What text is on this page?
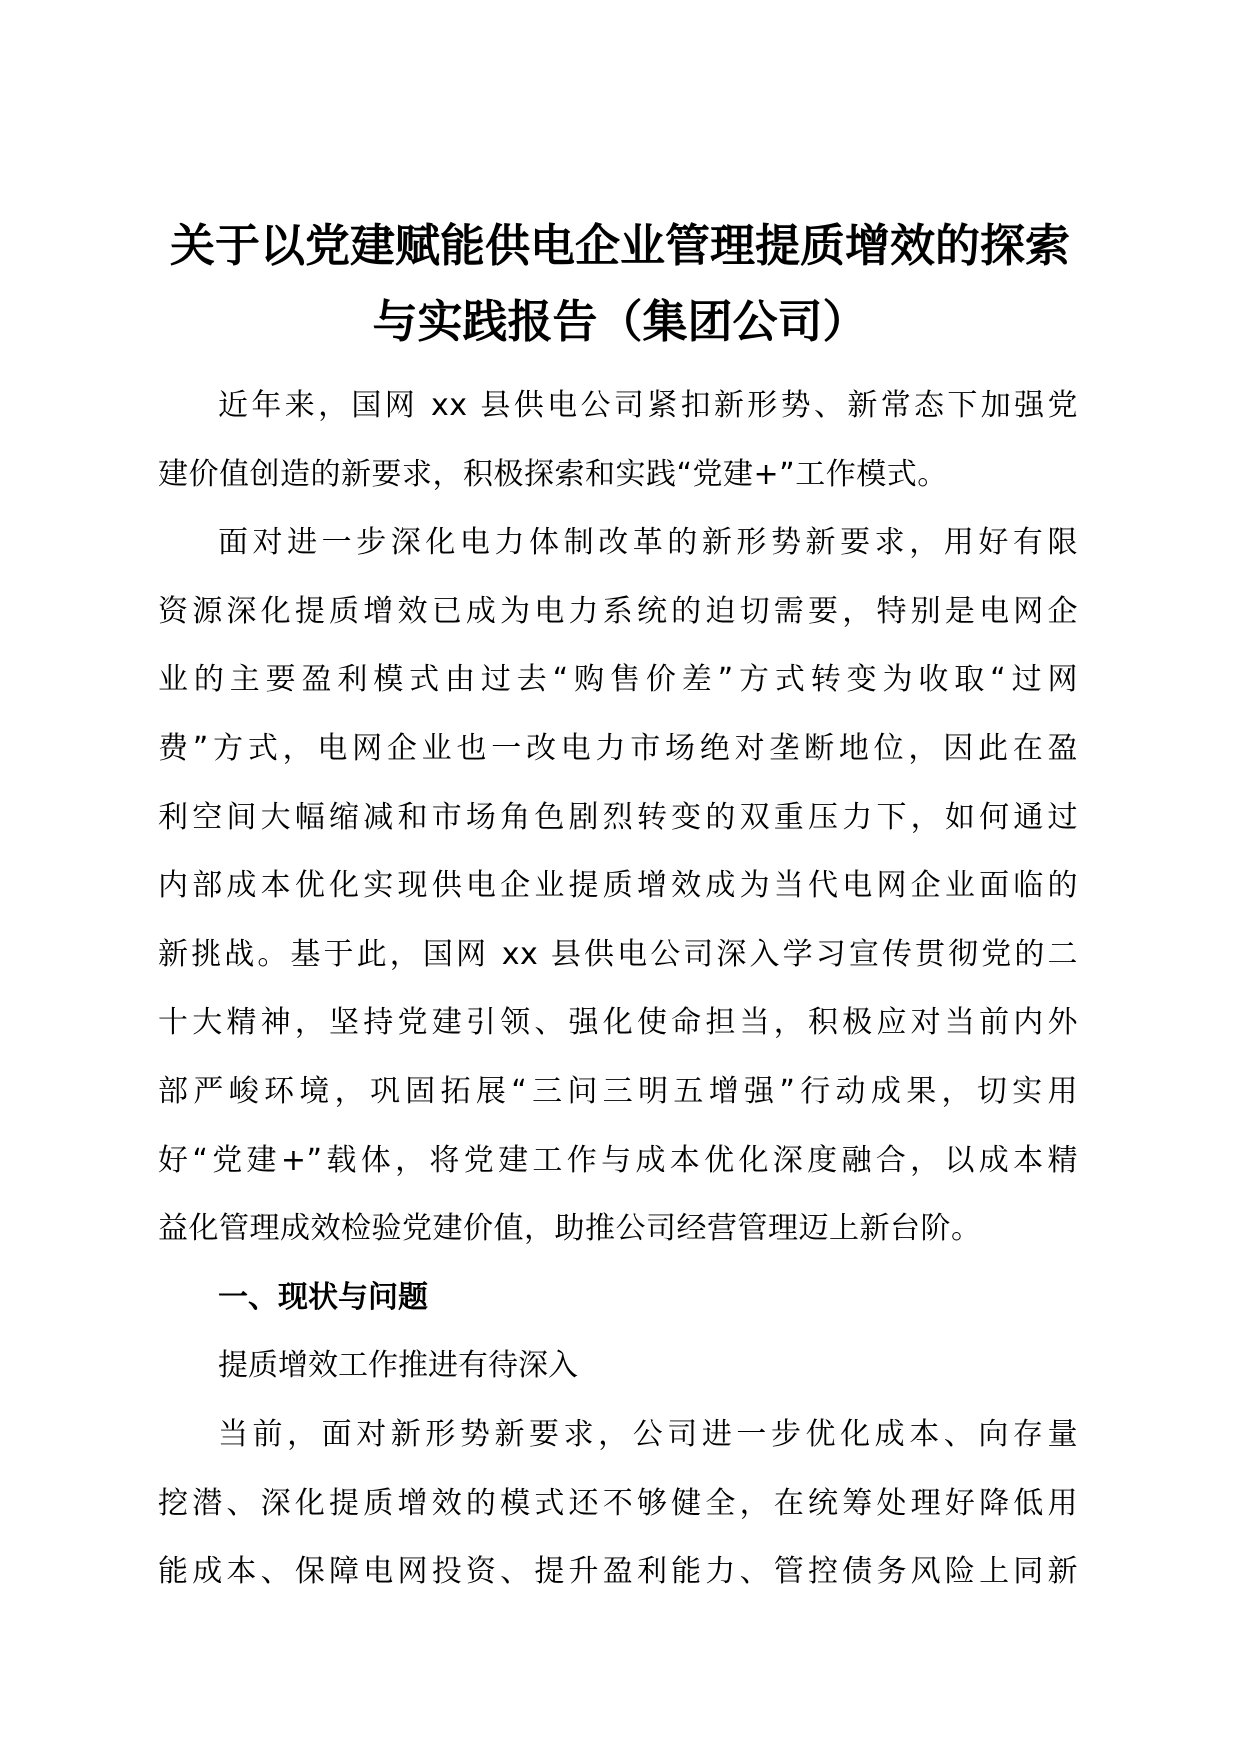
关于以党建赋能供电企业管理提质增效的探索
与实践报告（集团公司）
近年来，国网 xx 县供电公司紧扣新形势、新常态下加强党
建价值创造的新要求，积极探索和实践“党建+”工作模式。
面对进一步深化电力体制改革的新形势新要求，用好有限
资源深化提质增效已成为电力系统的迫切需要，特别是电网企
业的主要盈利模式由过去“购售价差”方式转变为收取“过网
费”方式，电网企业也一改电力市场绝对垄断地位，因此在盈
利空间大幅缩减和市场角色剧烈转变的双重压力下，如何通过
内部成本优化实现供电企业提质增效成为当代电网企业面临的
新挑战。基于此，国网 xx 县供电公司深入学习宣传贯彻党的二
十大精神，坚持党建引领、强化使命担当，积极应对当前内外
部严峻环境，巩固拓展“三问三明五增强”行动成果，切实用
好“党建+”载体，将党建工作与成本优化深度融合，以成本精
益化管理成效检验党建价值，助推公司经营管理迈上新台阶。
一、现状与问题
提质增效工作推进有待深入
当前，面对新形势新要求，公司进一步优化成本、向存量
挖潜、深化提质增效的模式还不够健全，在统筹处理好降低用
能成本、保障电网投资、提升盈利能力、管控债务风险上同新
